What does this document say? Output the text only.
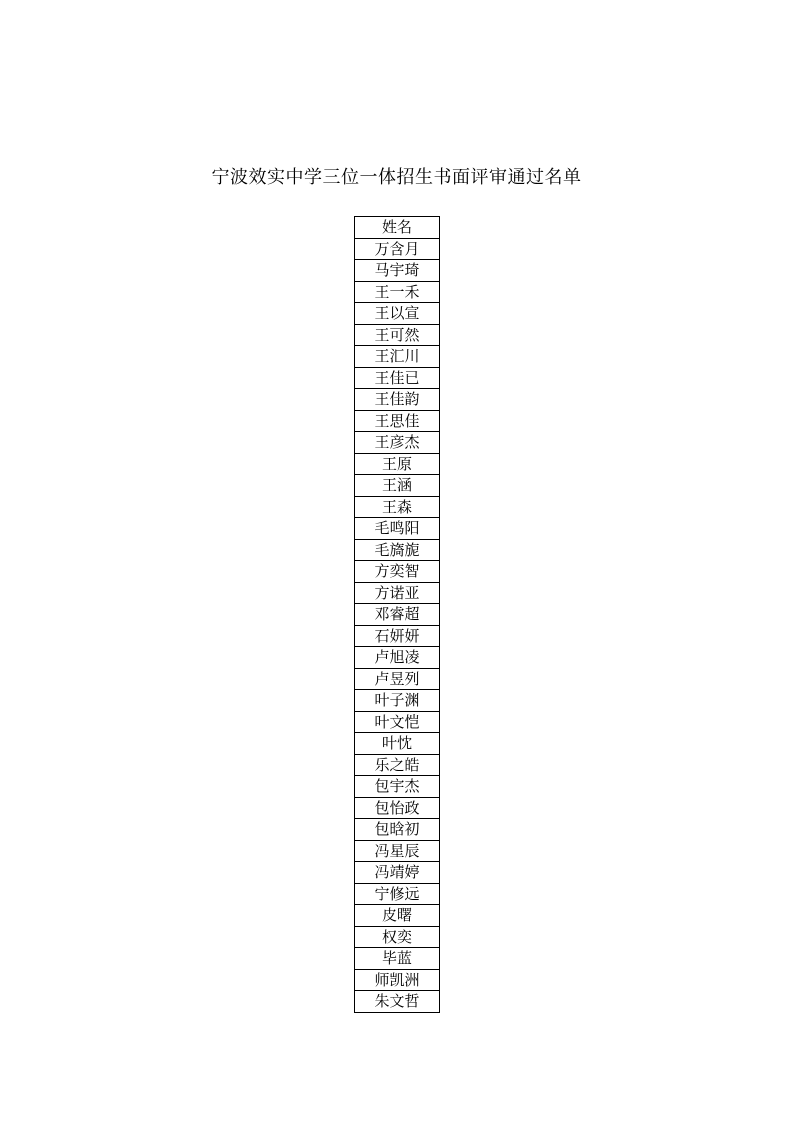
宁波效实中学三位一体招生书面评审通过名单
姓名
万含月
马宇琦
王一禾
王以宣
王可然
王汇川
王佳已
王佳韵
王思佳
王彦杰
王原
王涵
王森
毛鸣阳
毛旖旎
方奕智
方诺亚
邓睿超
石妍妍
卢旭凌
卢昱列
叶子渊
叶文恺
叶忱
乐之皓
包宇杰
包怡政
包晗初
冯星辰
冯靖婷
宁修远
皮曙
权奕
毕蓝
师凯洲
朱文哲
